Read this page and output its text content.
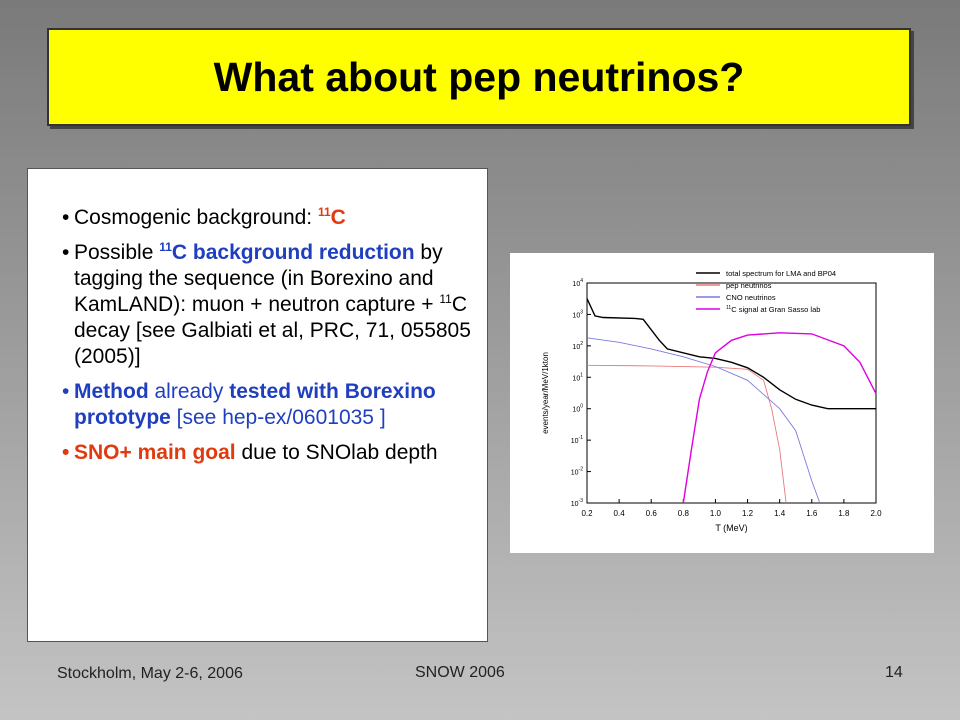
What about pep neutrinos?
• Cosmogenic background: $^{11}$C
• Possible $^{11}$C background reduction by tagging the sequence (in Borexino and KamLAND): muon + neutron capture + $^{11}$C decay [see Galbiati et al, PRC, 71, 055805 (2005)]
• Method already tested with Borexino prototype [see hep-ex/0601035 ]
• SNO+ main goal due to SNOlab depth
0.2	0.4	0.6	0.8	1.0	1.2	1.4	1.6	1.8	2.0
$10^{-3}$
$10^{-2}$
$10^{-1}$
$10^0$
$10^1$
$10^2$
$10^3$
$10^4$
T (MeV)
events/year/MeV/1kton
total spectrum for LMA and BP04
pep neutrinos
CNO neutrinos
$^{11}$C signal at Gran Sasso lab
Stockholm, May 2-6, 2006	SNOW 2006	14
